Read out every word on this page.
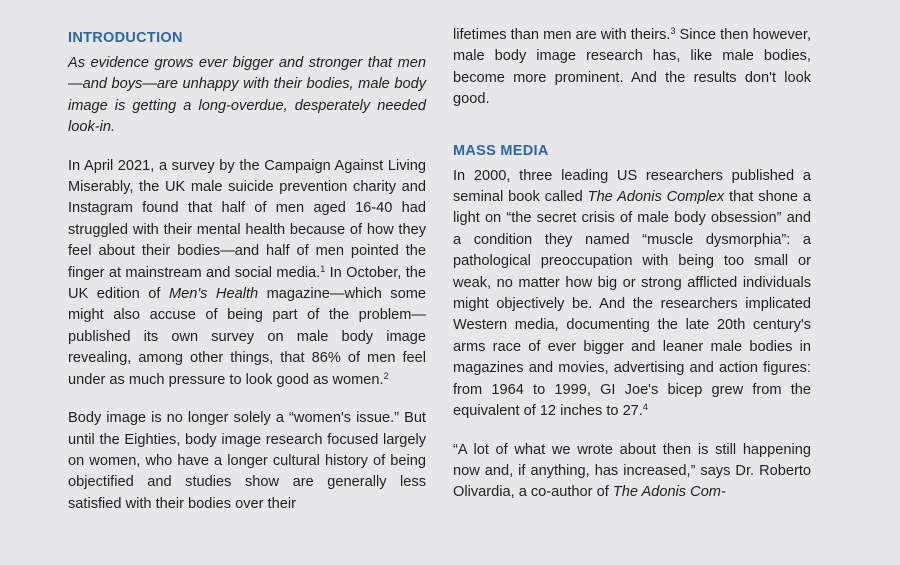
INTRODUCTION

As evidence grows ever bigger and stronger that men—and boys—are unhappy with their bodies, male body image is getting a long-overdue, desperately needed look-in.

In April 2021, a survey by the Campaign Against Living Miserably, the UK male suicide prevention charity and Instagram found that half of men aged 16-40 had struggled with their mental health because of how they feel about their bodies—and half of men pointed the finger at mainstream and social media.$^1$ In October, the UK edition of Men's Health magazine—which some might also accuse of being part of the problem—published its own survey on male body image revealing, among other things, that 86% of men feel under as much pressure to look good as women.$^2$

Body image is no longer solely a “women's issue.” But until the Eighties, body image research focused largely on women, who have a longer cultural history of being objectified and studies show are generally less satisfied with their bodies over their

lifetimes than men are with theirs.$^3$ Since then however, male body image research has, like male bodies, become more prominent. And the results don't look good.

MASS MEDIA

In 2000, three leading US researchers published a seminal book called The Adonis Complex that shone a light on “the secret crisis of male body obsession” and a condition they named “muscle dysmorphia”: a pathological preoccupation with being too small or weak, no matter how big or strong afflicted individuals might objectively be. And the researchers implicated Western media, documenting the late 20th century's arms race of ever bigger and leaner male bodies in magazines and movies, advertising and action figures: from 1964 to 1999, GI Joe's bicep grew from the equivalent of 12 inches to 27.$^4$

“A lot of what we wrote about then is still happening now and, if anything, has increased,” says Dr. Roberto Olivardia, a co-author of The Adonis Com-
